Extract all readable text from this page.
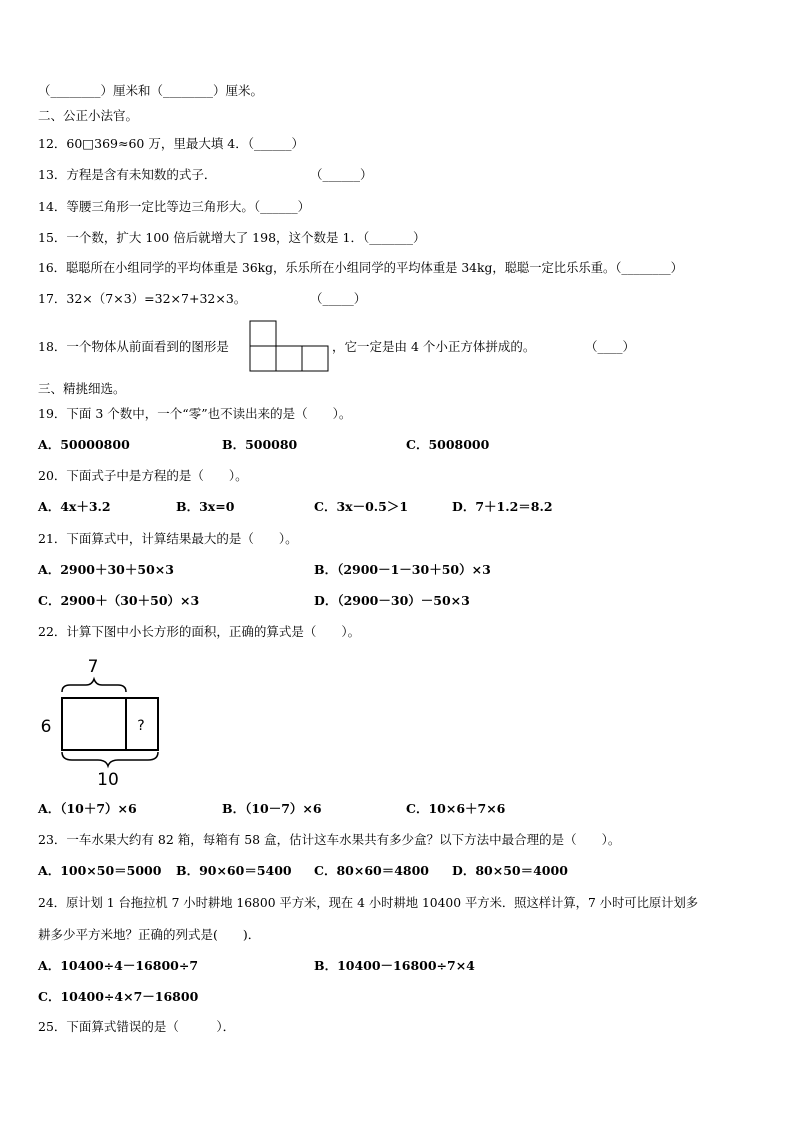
（________）厘米和（________）厘米。
二、公正小法官。
12．60□369≈60 万，里最大填 4．（______）
13．方程是含有未知数的式子．	（______）
14．等腰三角形一定比等边三角形大。（______）
15．一个数，扩大 100 倍后就增大了 198，这个数是 1．（_______）
16．聪聪所在小组同学的平均体重是 36kg，乐乐所在小组同学的平均体重是 34kg，聪聪一定比乐乐重。（________）
17．32×（7×3）=32×7+32×3。	（_____）
18．一个物体从前面看到的图形是	，它一定是由 4 个小正方体拼成的。	（____）
三、精挑细选。
19．下面 3 个数中，一个“零”也不读出来的是（　　）。
A．50000800	B．500080	C．5008000
20．下面式子中是方程的是（　　）。
A．4x＋3.2	B．3x=0	C．3x－0.5＞1	D．7＋1.2＝8.2
21．下面算式中，计算结果最大的是（　　）。
A．2900＋30＋50×3	B．（2900－1－30＋50）×3
C．2900＋（30＋50）×3	D．（2900－30）－50×3
22．计算下图中小长方形的面积，正确的算式是（　　）。
7
6	?
10
A．（10＋7）×6	B．（10－7）×6	C．10×6＋7×6
23．一车水果大约有 82 箱，每箱有 58 盒，估计这车水果共有多少盒？以下方法中最合理的是（　　）。
A．100×50＝5000 B．90×60＝5400 C．80×60＝4800 D．80×50＝4000
24．原计划 1 台拖拉机 7 小时耕地 16800 平方米，现在 4 小时耕地 10400 平方米．照这样计算，7 小时可比原计划多
耕多少平方米地？正确的列式是(　　)．
A．10400÷4－16800÷7	B．10400－16800÷7×4
C．10400÷4×7－16800
25．下面算式错误的是（　　　）．
